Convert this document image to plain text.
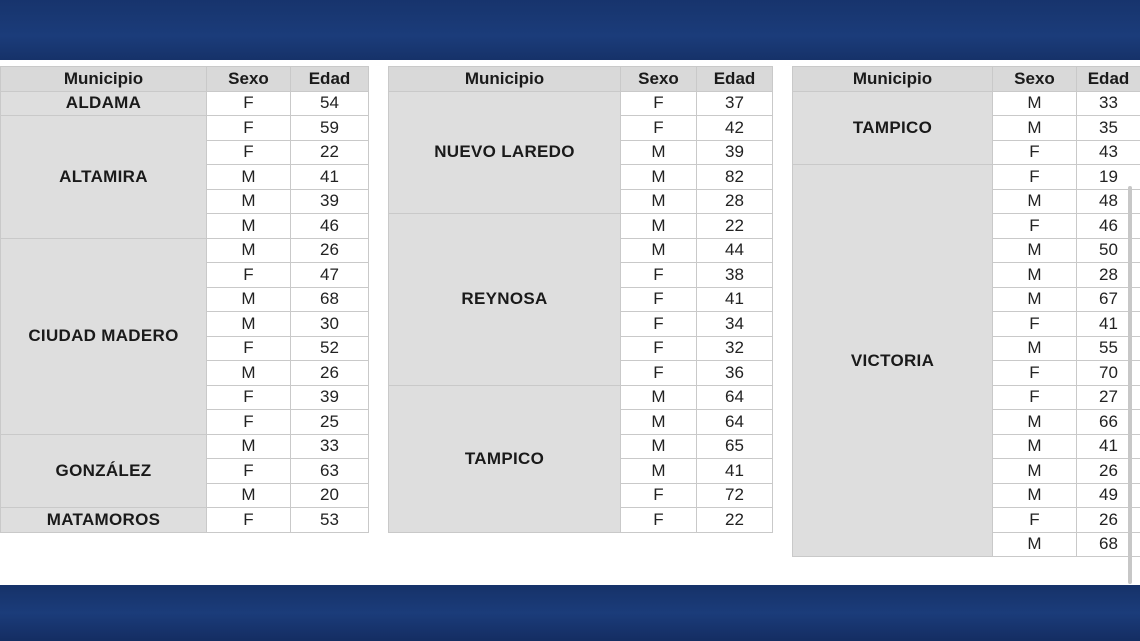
Municipio	Sexo	Edad
ALDAMA	F	54
ALTAMIRA	F	59
	F	22
	M	41
	M	39
	M	46
CIUDAD MADERO	M	26
	F	47
	M	68
	M	30
	F	52
	M	26
	F	39
	F	25
GONZÁLEZ	M	33
	F	63
	M	20
MATAMOROS	F	53
Municipio	Sexo	Edad
NUEVO LAREDO	F	37
	F	42
	M	39
	M	82
	M	28
REYNOSA	M	22
	M	44
	F	38
	F	41
	F	34
	F	32
	F	36
TAMPICO	M	64
	M	64
	M	65
	M	41
	F	72
	F	22
Municipio	Sexo	Edad
TAMPICO	M	33
	M	35
	F	43
VICTORIA	F	19
	M	48
	F	46
	M	50
	M	28
	M	67
	F	41
	M	55
	F	70
	F	27
	M	66
	M	41
	M	26
	M	49
	F	26
	M	68
